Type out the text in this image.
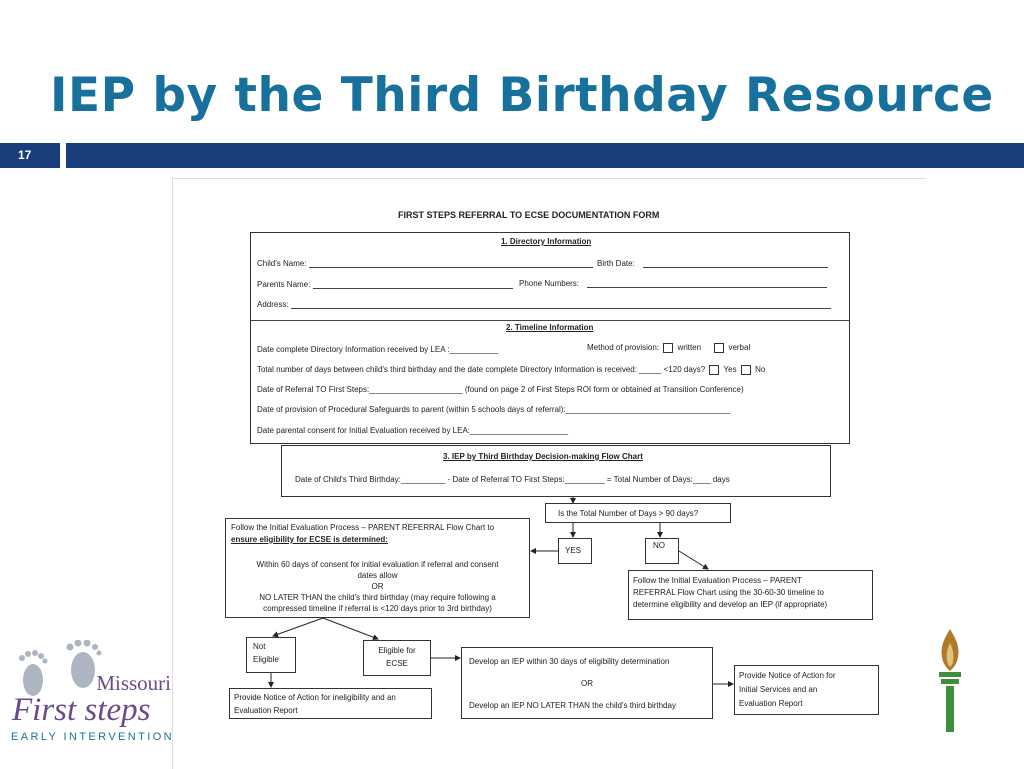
IEP by the Third Birthday Resource
17
FIRST STEPS REFERRAL TO ECSE DOCUMENTATION FORM
1. Directory Information
Child's Name:	Birth Date:
Parents Name:	Phone Numbers:
Address:
2. Timeline Information
Date complete Directory Information received by LEA :___________	Method of provision: written	verbal
Total number of days between child's third birthday and the date complete Directory Information is received: _____ <120 days? Yes No
Date of Referral TO First Steps:_____________________ (found on page 2 of First Steps ROI form or obtained at Transition Conference)
Date of provision of Procedural Safeguards to parent (within 5 schools days of referral):_____________________________________
Date parental consent for Initial Evaluation received by LEA:______________________
3. IEP by Third Birthday Decision-making Flow Chart
Date of Child's Third Birthday:__________ - Date of Referral TO First Steps:_________ = Total Number of Days:____ days
Is the Total Number of Days > 90 days?
YES
NO
Follow the Initial Evaluation Process – PARENT REFERRAL Flow Chart to
ensure eligibility for ECSE is determined:
Within 60 days of consent for initial evaluation if referral and consent
dates allow
OR
NO LATER THAN the child's third birthday (may require following a
compressed timeline if referral is <120 days prior to 3rd birthday)
Follow the Initial Evaluation Process – PARENT
REFERRAL Flow Chart using the 30-60-30 timeline to
determine eligibility and develop an IEP (if appropriate)
Not
Eligible
Eligible for
ECSE
Provide Notice of Action for ineligibility and an
Evaluation Report
Develop an IEP within 30 days of eligibility determination
OR
Develop an IEP NO LATER THAN the child's third birthday
Provide Notice of Action for
Initial Services and an
Evaluation Report
Missouri
First steps
EARLY INTERVENTION
